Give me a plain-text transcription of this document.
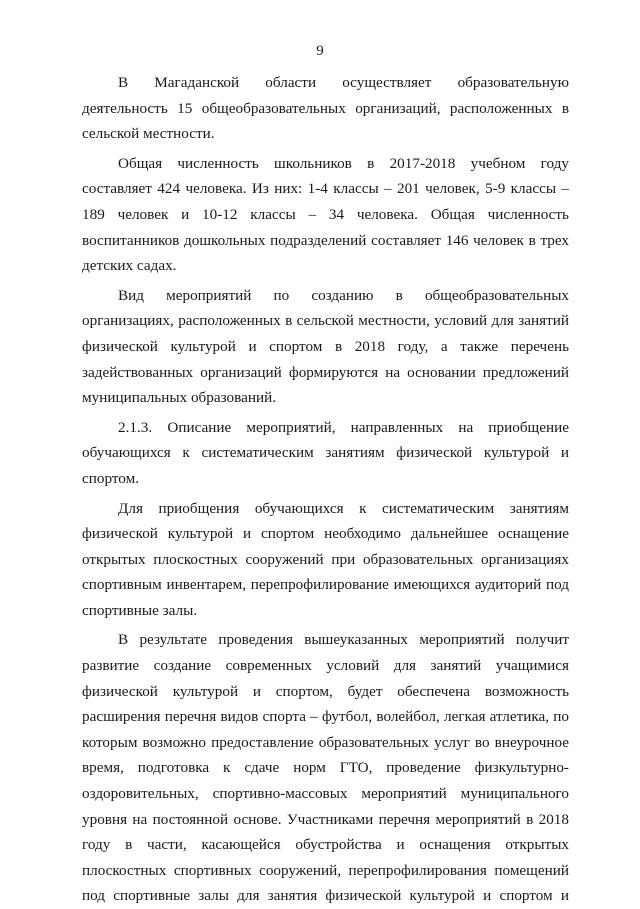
9

В Магаданской области осуществляет образовательную деятельность 15 общеобразовательных организаций, расположенных в сельской местности.

Общая численность школьников в 2017-2018 учебном году составляет 424 человека. Из них: 1-4 классы – 201 человек, 5-9 классы – 189 человек и 10-12 классы – 34 человека. Общая численность воспитанников дошкольных подразделений составляет 146 человек в трех детских садах.

Вид мероприятий по созданию в общеобразовательных организациях, расположенных в сельской местности, условий для занятий физической культурой и спортом в 2018 году, а также перечень задействованных организаций формируются на основании предложений муниципальных образований.

2.1.3. Описание мероприятий, направленных на приобщение обучающихся к систематическим занятиям физической культурой и спортом.

Для приобщения обучающихся к систематическим занятиям физической культурой и спортом необходимо дальнейшее оснащение открытых плоскостных сооружений при образовательных организациях спортивным инвентарем, перепрофилирование имеющихся аудиторий под спортивные залы.

В результате проведения вышеуказанных мероприятий получит развитие создание современных условий для занятий учащимися физической культурой и спортом, будет обеспечена возможность расширения перечня видов спорта – футбол, волейбол, легкая атлетика, по которым возможно предоставление образовательных услуг во внеурочное время, подготовка к сдаче норм ГТО, проведение физкультурно-оздоровительных, спортивно-массовых мероприятий муниципального уровня на постоянной основе. Участниками перечня мероприятий в 2018 году в части, касающейся обустройства и оснащения открытых плоскостных спортивных сооружений, перепрофилирования помещений под спортивные залы для занятия физической культурой и спортом и
